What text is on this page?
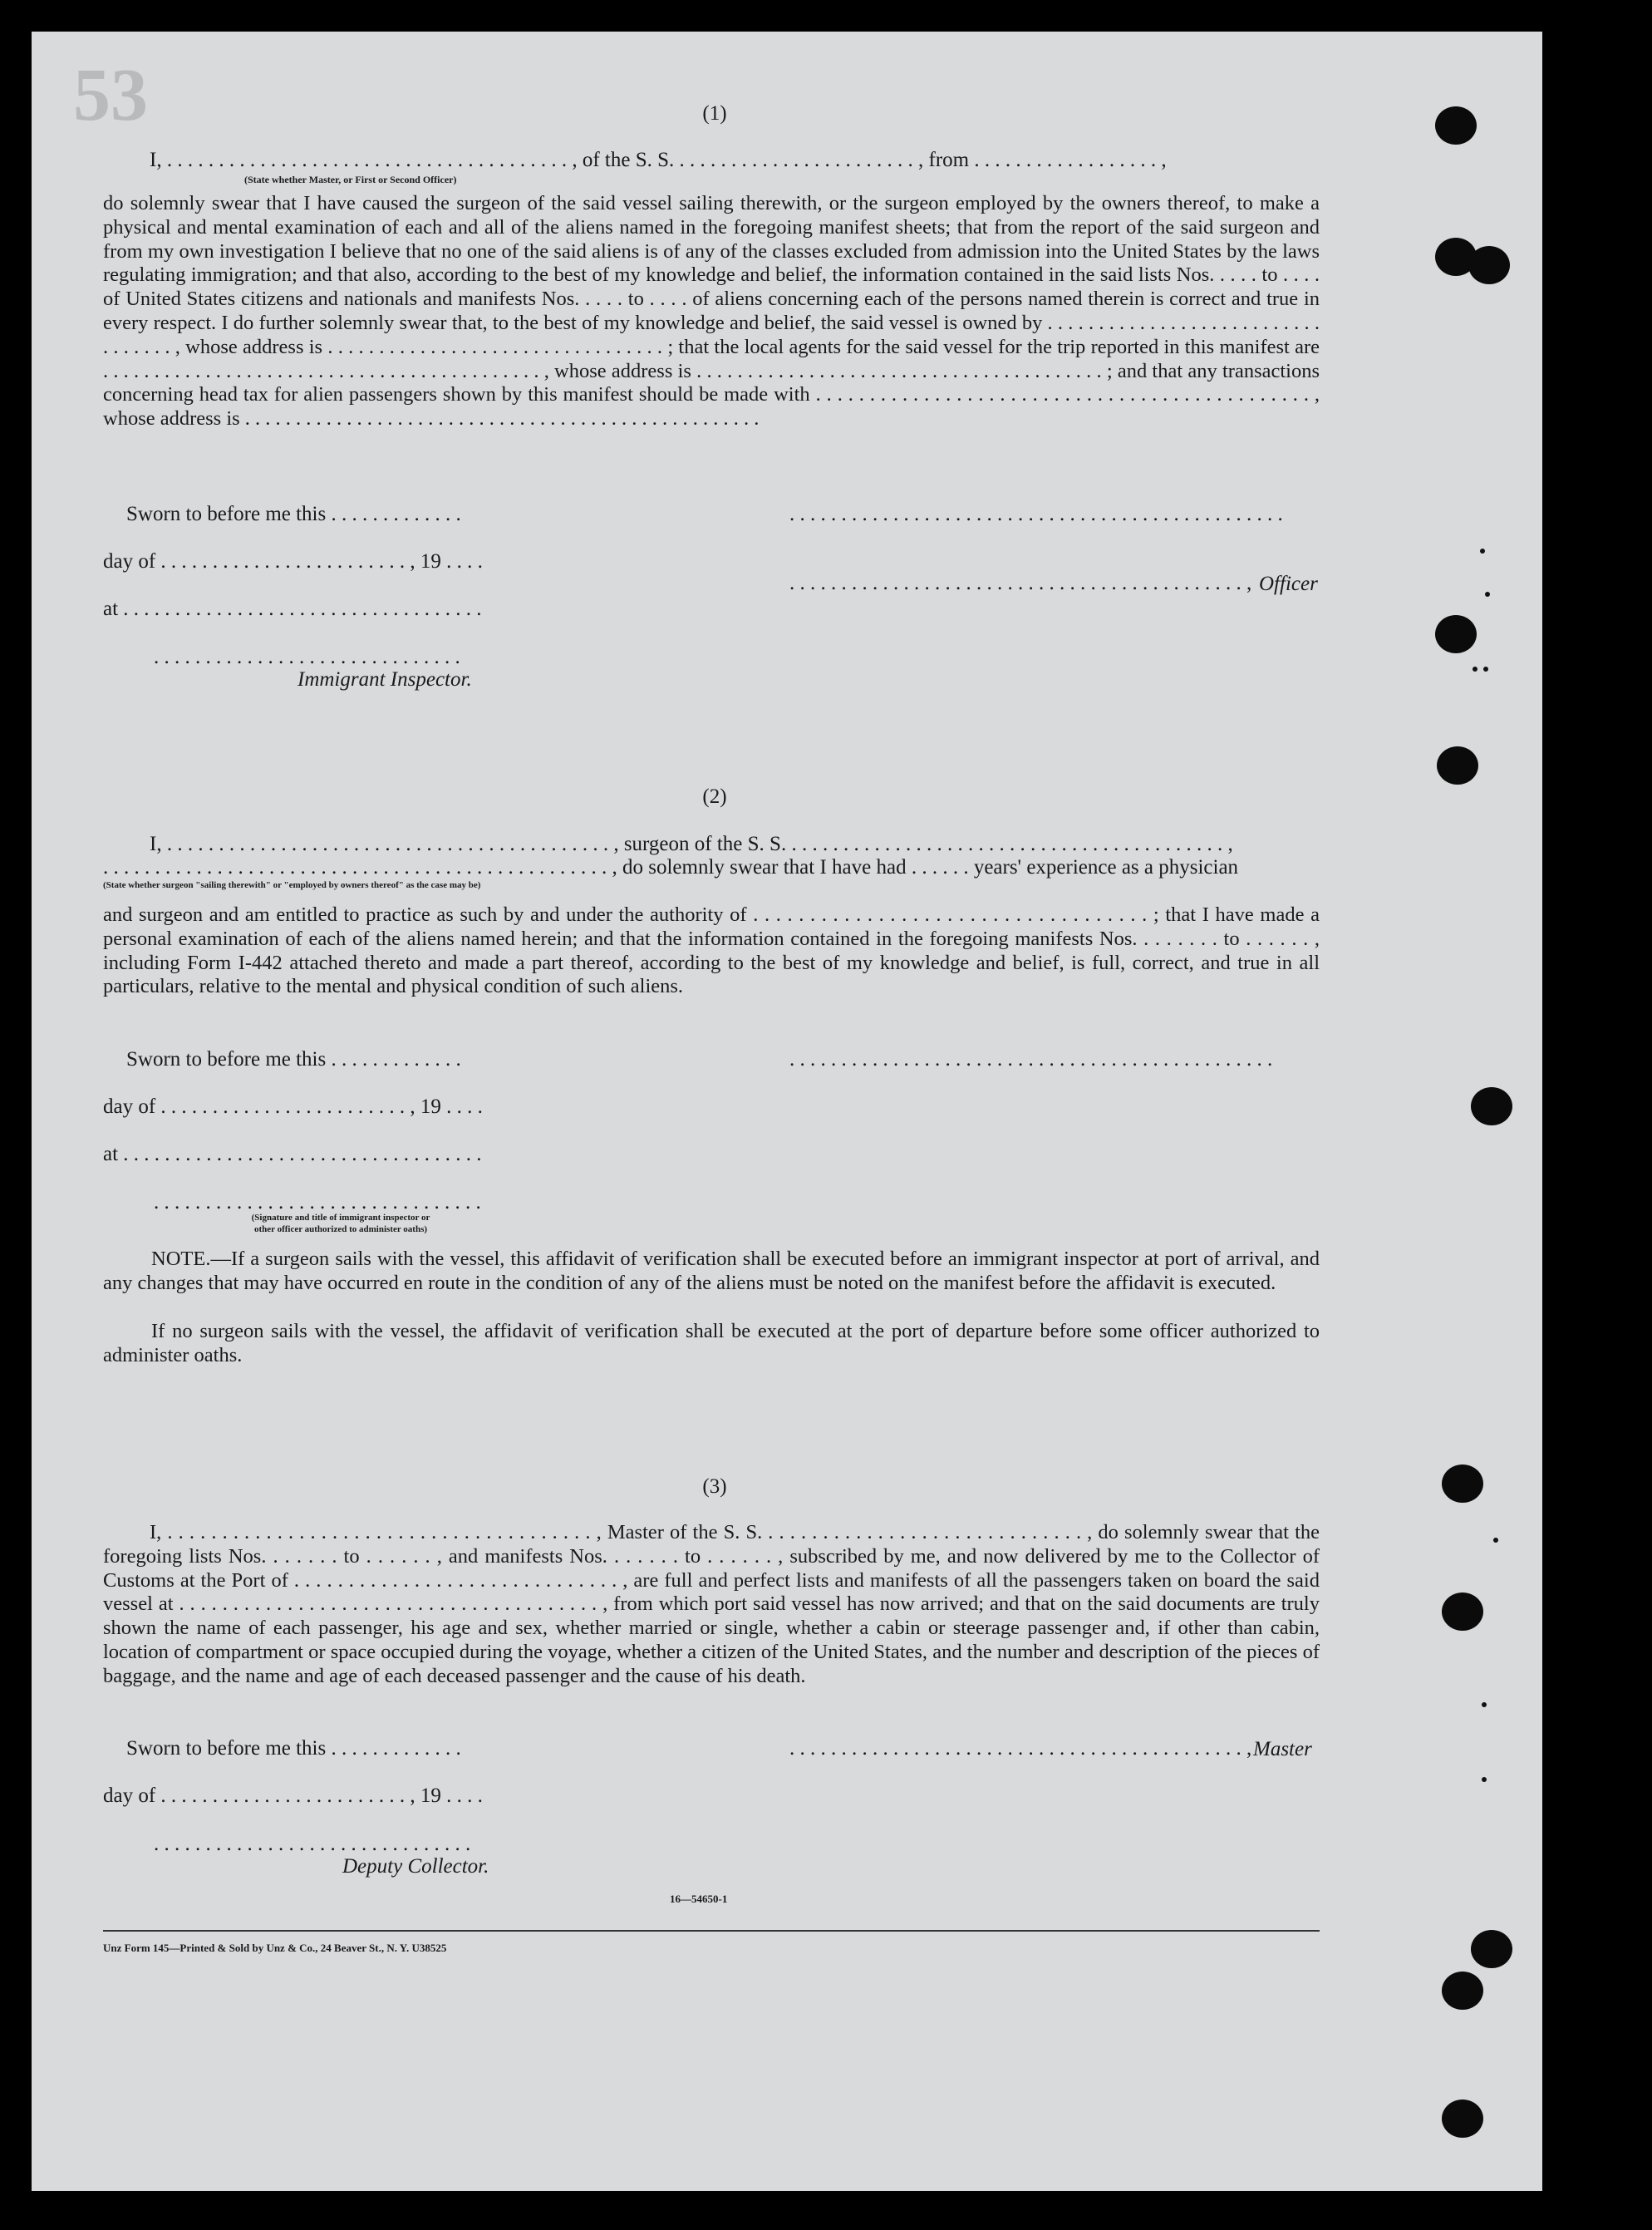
53	(1)
I, . . . . . . . . . . . . . . . . . . . . . . . . . . . . . . . . . . . . . . . , of the S. S. . . . . . . . . . . . . . . . . . . . . . . . , from . . . . . . . . . . . . . . . . . . ,
(State whether Master, or First or Second Officer)
do solemnly swear that I have caused the surgeon of the said vessel sailing therewith, or the surgeon employed by the owners thereof, to make a physical and mental examination of each and all of the aliens named in the foregoing manifest sheets; that from the report of the said surgeon and from my own investigation I believe that no one of the said aliens is of any of the classes excluded from admission into the United States by the laws regulating immigration; and that also, according to the best of my knowledge and belief, the information contained in the said lists Nos. . . . . to . . . . of United States citizens and nationals and manifests Nos. . . . . to . . . . of aliens concerning each of the persons named therein is correct and true in every respect. I do further solemnly swear that, to the best of my knowledge and belief, the said vessel is owned by . . . . . . . . . . . . . . . . . . . . . . . . . . . . . . . . . . , whose address is . . . . . . . . . . . . . . . . . . . . . . . . . . . . . . . . . ; that the local agents for the said vessel for the trip reported in this manifest are . . . . . . . . . . . . . . . . . . . . . . . . . . . . . . . . . . . . . . . . . . . , whose address is . . . . . . . . . . . . . . . . . . . . . . . . . . . . . . . . . . . . . . . . ; and that any transactions concerning head tax for alien passengers shown by this manifest should be made with . . . . . . . . . . . . . . . . . . . . . . . . . . . . . . . . . . . . . . . . . . . . . . , whose address is . . . . . . . . . . . . . . . . . . . . . . . . . . . . . . . . . . . . . . . . . . . . . . . . . . .
Sworn to before me this . . . . . . . . . . . . .
day of . . . . . . . . . . . . . . . . . . . . . . . . , 19 . . . .
at . . . . . . . . . . . . . . . . . . . . . . . . . . . . . . . . . . .
. . . . . . . . . . . . . . . . . . . . . . . . . . . . . .
Immigrant Inspector.
. . . . . . . . . . . . . . . . . . . . . . . . . . . . . . . . . . . . . . . . . . . . . . . .
. . . . . . . . . . . . . . . . . . . . . . . . . . . . . . . . . . . . . . . . . . . . , Officer
(2)
I, . . . . . . . . . . . . . . . . . . . . . . . . . . . . . . . . . . . . . . . . . . . , surgeon of the S. S. . . . . . . . . . . . . . . . . . . . . . . . . . . . . . . . . . . . . . . . . . . ,
. . . . . . . . . . . . . . . . . . . . . . . . . . . . . . . . . . . . . . . . . . . . . . . . . , do solemnly swear that I have had . . . . . . years' experience as a physician
(State whether surgeon "sailing therewith" or "employed by owners thereof" as the case may be)
and surgeon and am entitled to practice as such by and under the authority of . . . . . . . . . . . . . . . . . . . . . . . . . . . . . . . . . . . ; that I have made a personal examination of each of the aliens named herein; and that the information contained in the foregoing manifests Nos. . . . . . . . to . . . . . . , including Form I-442 attached thereto and made a part thereof, according to the best of my knowledge and belief, is full, correct, and true in all particulars, relative to the mental and physical condition of such aliens.
Sworn to before me this . . . . . . . . . . . . .
day of . . . . . . . . . . . . . . . . . . . . . . . . , 19 . . . .
at . . . . . . . . . . . . . . . . . . . . . . . . . . . . . . . . . . .
. . . . . . . . . . . . . . . . . . . . . . . . . . . . . . . .
(Signature and title of immigrant inspector or
other officer authorized to administer oaths)
. . . . . . . . . . . . . . . . . . . . . . . . . . . . . . . . . . . . . . . . . . . . . . .
NOTE.—If a surgeon sails with the vessel, this affidavit of verification shall be executed before an immigrant inspector at port of arrival, and any changes that may have occurred en route in the condition of any of the aliens must be noted on the manifest before the affidavit is executed.
If no surgeon sails with the vessel, the affidavit of verification shall be executed at the port of departure before some officer authorized to administer oaths.
(3)
I, . . . . . . . . . . . . . . . . . . . . . . . . . . . . . . . . . . . . . . . , Master of the S. S. . . . . . . . . . . . . . . . . . . . . . . . . . . . . . , do solemnly swear that the foregoing lists Nos. . . . . . . to . . . . . . , and manifests Nos. . . . . . . to . . . . . . , subscribed by me, and now delivered by me to the Collector of Customs at the Port of . . . . . . . . . . . . . . . . . . . . . . . . . . . . . . , are full and perfect lists and manifests of all the passengers taken on board the said vessel at . . . . . . . . . . . . . . . . . . . . . . . . . . . . . . . . . . . . . . . , from which port said vessel has now arrived; and that on the said documents are truly shown the name of each passenger, his age and sex, whether married or single, whether a cabin or steerage passenger and, if other than cabin, location of compartment or space occupied during the voyage, whether a citizen of the United States, and the number and description of the pieces of baggage, and the name and age of each deceased passenger and the cause of his death.
Sworn to before me this . . . . . . . . . . . . .
day of . . . . . . . . . . . . . . . . . . . . . . . . , 19 . . . .
. . . . . . . . . . . . . . . . . . . . . . . . . . . . . . .
Deputy Collector.
. . . . . . . . . . . . . . . . . . . . . . . . . . . . . . . . . . . . . . . . . . . . , Master
16—54650-1
Unz Form 145—Printed & Sold by Unz & Co., 24 Beaver St., N. Y. U38525
